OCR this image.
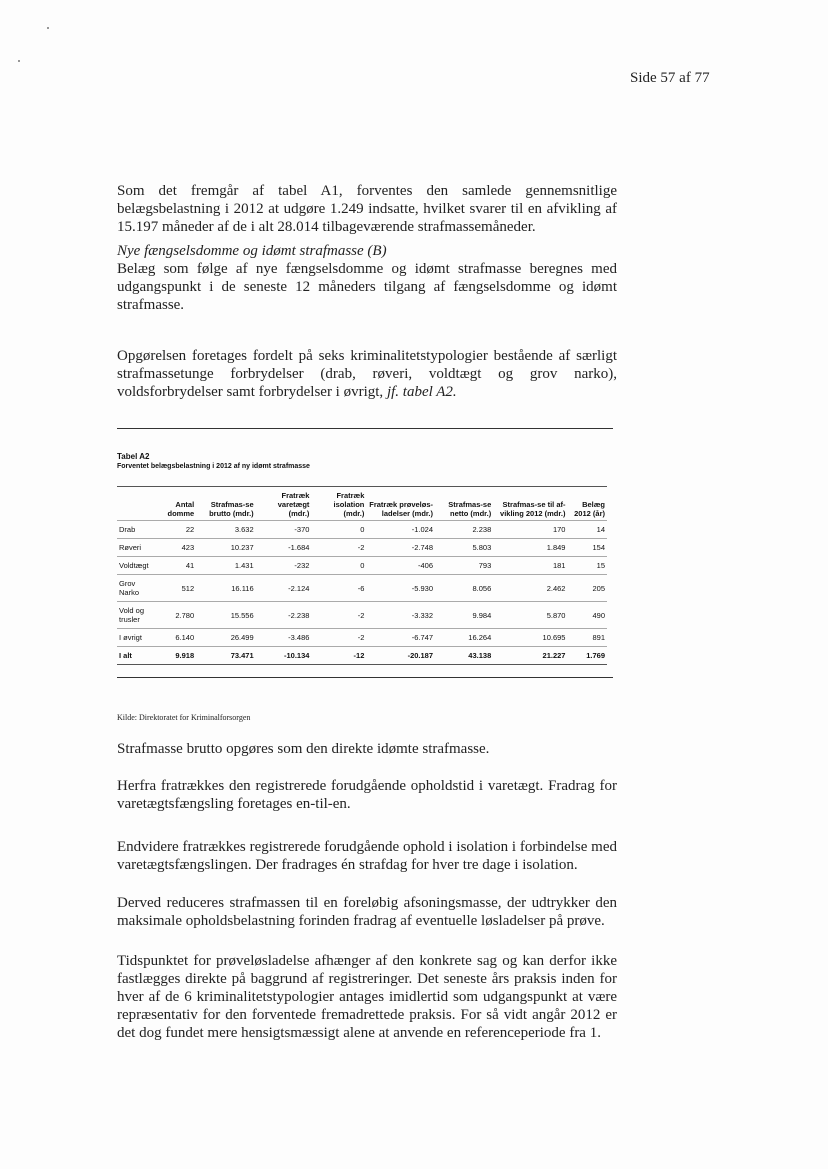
Side 57 af 77
Som det fremgår af tabel A1, forventes den samlede gennemsnitlige belægsbelastning i 2012 at udgøre 1.249 indsatte, hvilket svarer til en afvikling af 15.197 måneder af de i alt 28.014 tilbageværende strafmassemåneder.
Nye fængselsdomme og idømt strafmasse (B)
Belæg som følge af nye fængselsdomme og idømt strafmasse beregnes med udgangspunkt i de seneste 12 måneders tilgang af fængselsdomme og idømt strafmasse.
Opgørelsen foretages fordelt på seks kriminalitetstypologier bestående af særligt strafmassetunge forbrydelser (drab, røveri, voldtægt og grov narko), voldsforbrydelser samt forbrydelser i øvrigt, jf. tabel A2.
Tabel A2
Forventet belægsbelastning i 2012 af ny idømt strafmasse
	Antal domme	Strafmas-se brutto (mdr.)	Fratræk varetægt (mdr.)	Fratræk isolation (mdr.)	Fratræk prøveløs-ladelser (mdr.)	Strafmas-se netto (mdr.)	Strafmas-se til af-vikling 2012 (mdr.)	Belæg 2012 (år)
Drab	22	3.632	-370	0	-1.024	2.238	170	14
Røveri	423	10.237	-1.684	-2	-2.748	5.803	1.849	154
Voldtægt	41	1.431	-232	0	-406	793	181	15
Grov Narko	512	16.116	-2.124	-6	-5.930	8.056	2.462	205
Vold og trusler	2.780	15.556	-2.238	-2	-3.332	9.984	5.870	490
I øvrigt	6.140	26.499	-3.486	-2	-6.747	16.264	10.695	891
I alt	9.918	73.471	-10.134	-12	-20.187	43.138	21.227	1.769
Kilde: Direktoratet for Kriminalforsorgen
Strafmasse brutto opgøres som den direkte idømte strafmasse.
Herfra fratrækkes den registrerede forudgående opholdstid i varetægt. Fradrag for varetægtsfængsling foretages en-til-en.
Endvidere fratrækkes registrerede forudgående ophold i isolation i forbindelse med varetægtsfængslingen. Der fradrages én strafdag for hver tre dage i isolation.
Derved reduceres strafmassen til en foreløbig afsoningsmasse, der udtrykker den maksimale opholdsbelastning forinden fradrag af eventuelle løsladelser på prøve.
Tidspunktet for prøveløsladelse afhænger af den konkrete sag og kan derfor ikke fastlægges direkte på baggrund af registreringer. Det seneste års praksis inden for hver af de 6 kriminalitetstypologier antages imidlertid som udgangspunkt at være repræsentativ for den forventede fremadrettede praksis. For så vidt angår 2012 er det dog fundet mere hensigtsmæssigt alene at anvende en referenceperiode fra 1.
